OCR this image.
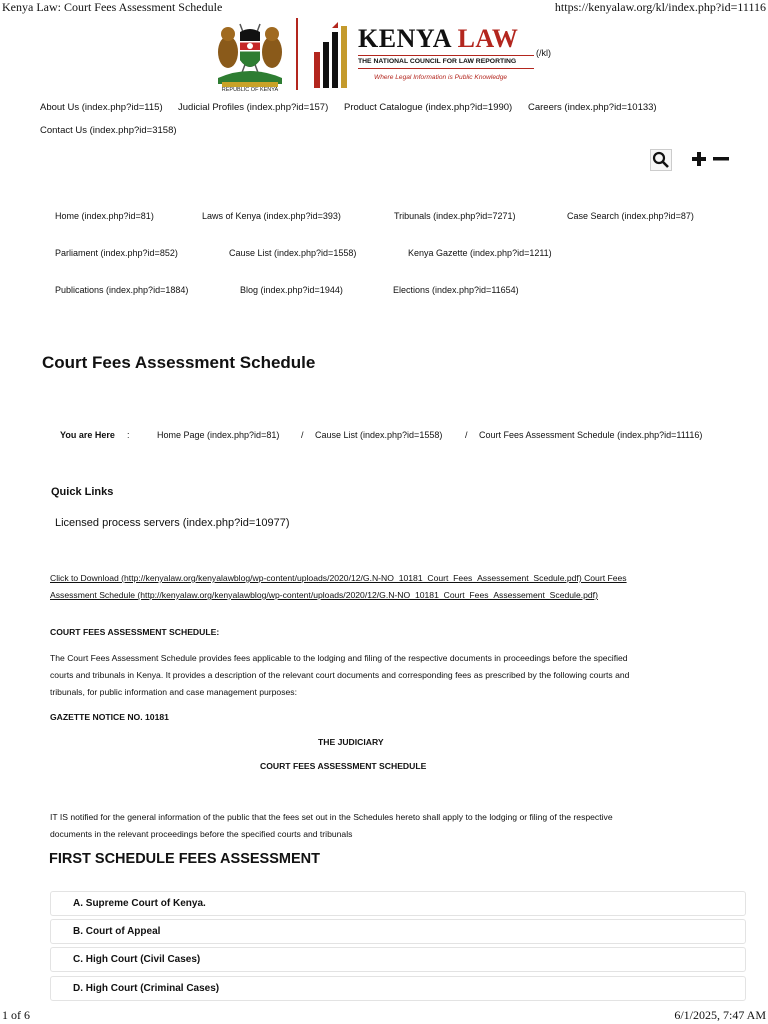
Kenya Law: Court Fees Assessment Schedule	https://kenyalaw.org/kl/index.php?id=11116
1 of 6	6/1/2025, 7:47 AM
REPUBLIC OF KENYA
KENYA LAW
THE NATIONAL COUNCIL FOR LAW REPORTING
Where Legal Information is Public Knowledge
(/kl)
About Us (index.php?id=115) Judicial Profiles (index.php?id=157) Product Catalogue (index.php?id=1990) Careers (index.php?id=10133)
Contact Us (index.php?id=3158)
Home (index.php?id=81)	Laws of Kenya (index.php?id=393)	Tribunals (index.php?id=7271)	Case Search (index.php?id=87)
Parliament (index.php?id=852)	Cause List (index.php?id=1558)	Kenya Gazette (index.php?id=1211)
Publications (index.php?id=1884)	Blog (index.php?id=1944)	Elections (index.php?id=11654)
Court Fees Assessment Schedule
You are Here :	Home Page (index.php?id=81) / Cause List (index.php?id=1558)	/ Court Fees Assessment Schedule (index.php?id=11116)
Quick Links
Licensed process servers (index.php?id=10977)
Click to Download (http://kenyalaw.org/kenyalawblog/wp-content/uploads/2020/12/G.N-NO_10181_Court_Fees_Assessement_Scedule.pdf) Court Fees
Assessment Schedule (http://kenyalaw.org/kenyalawblog/wp-content/uploads/2020/12/G.N-NO_10181_Court_Fees_Assessement_Scedule.pdf)
COURT FEES ASSESSMENT SCHEDULE:
The Court Fees Assessment Schedule provides fees applicable to the lodging and filing of the respective documents in proceedings before the specified
courts and tribunals in Kenya. It provides a description of the relevant court documents and corresponding fees as prescribed by the following courts and
tribunals, for public information and case management purposes:
GAZETTE NOTICE NO. 10181
THE JUDICIARY
COURT FEES ASSESSMENT SCHEDULE
IT IS notified for the general information of the public that the fees set out in the Schedules hereto shall apply to the lodging or filing of the respective
documents in the relevant proceedings before the specified courts and tribunals
FIRST SCHEDULE FEES ASSESSMENT
A. Supreme Court of Kenya.
B. Court of Appeal
C. High Court (Civil Cases)
D. High Court (Criminal Cases)
